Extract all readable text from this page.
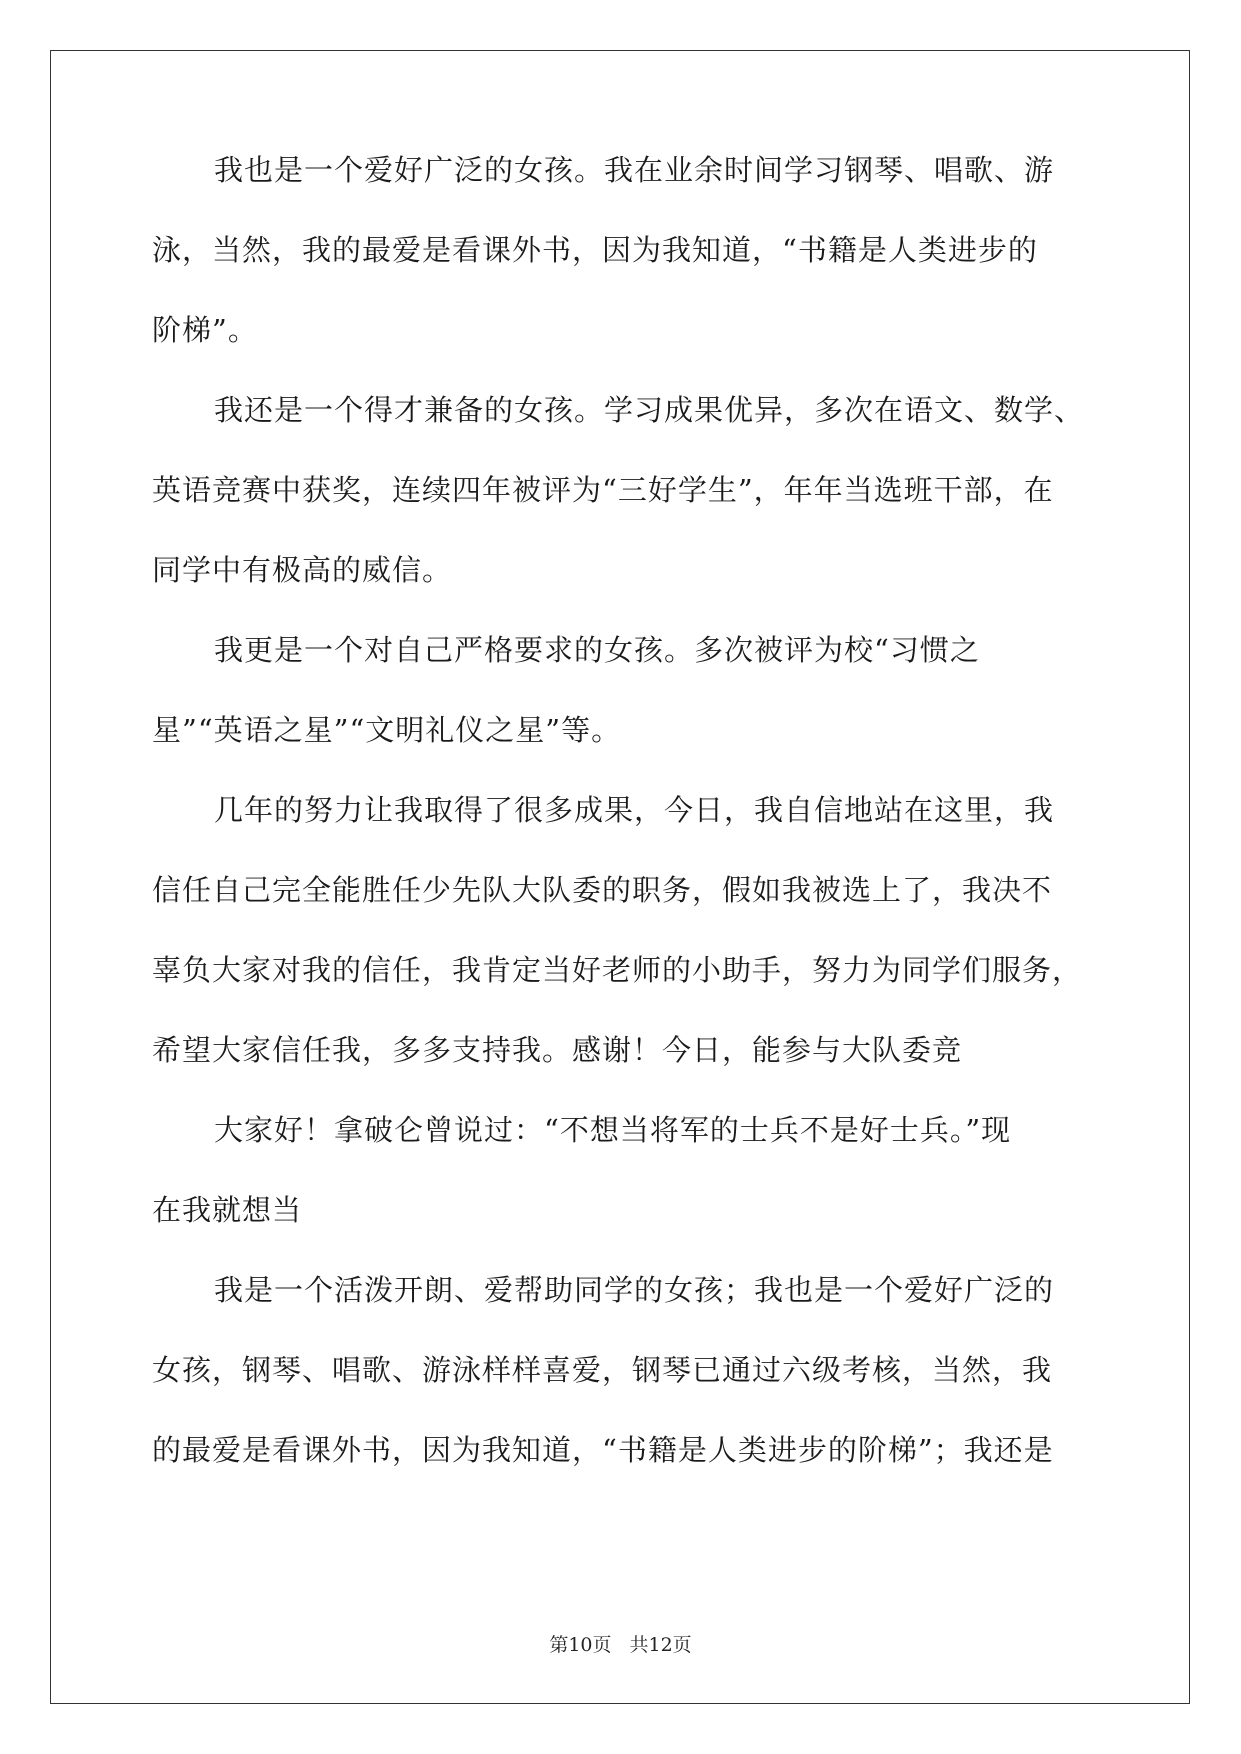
我也是一个爱好广泛的女孩。我在业余时间学习钢琴、唱歌、游
泳，当然，我的最爱是看课外书，因为我知道，“书籍是人类进步的
阶梯”。
我还是一个得才兼备的女孩。学习成果优异，多次在语文、数学、
英语竞赛中获奖，连续四年被评为“三好学生”，年年当选班干部，在
同学中有极高的威信。
我更是一个对自己严格要求的女孩。多次被评为校“习惯之
星”“英语之星”“文明礼仪之星”等。
几年的努力让我取得了很多成果，今日，我自信地站在这里，我
信任自己完全能胜任少先队大队委的职务，假如我被选上了，我决不
辜负大家对我的信任，我肯定当好老师的小助手，努力为同学们服务，
希望大家信任我，多多支持我。感谢！今日，能参与大队委竞
大家好！拿破仑曾说过：“不想当将军的士兵不是好士兵。”现
在我就想当
我是一个活泼开朗、爱帮助同学的女孩；我也是一个爱好广泛的
女孩，钢琴、唱歌、游泳样样喜爱，钢琴已通过六级考核，当然，我
的最爱是看课外书，因为我知道，“书籍是人类进步的阶梯”；我还是
第10页 共12页
